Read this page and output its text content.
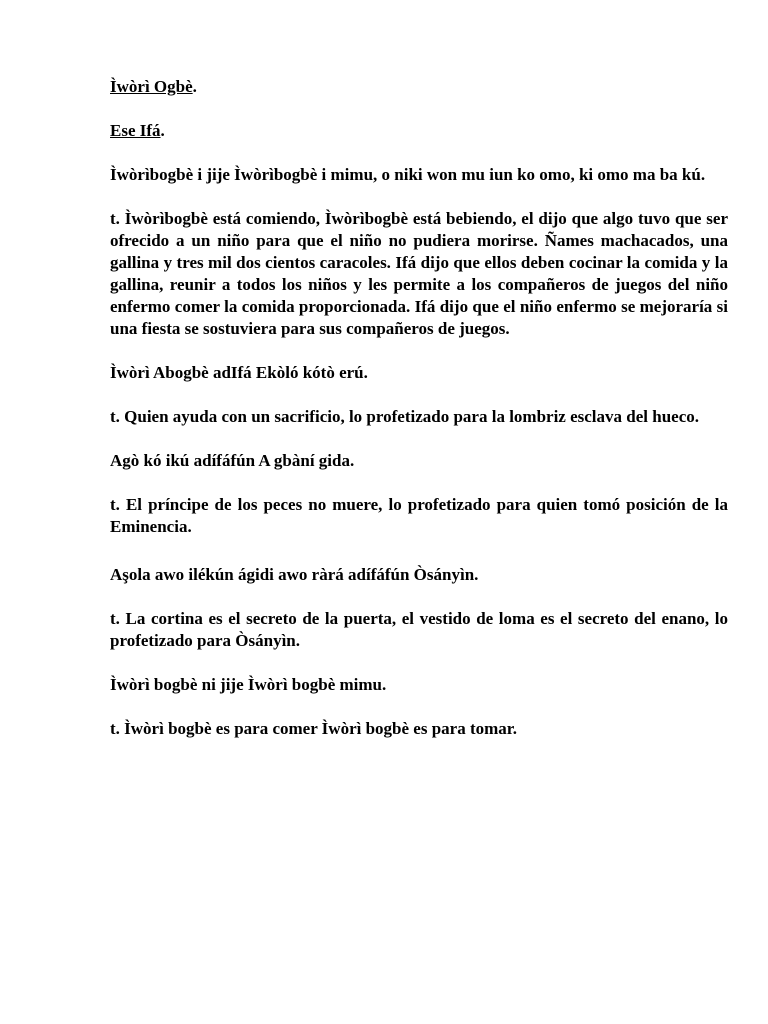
Ìwòrì Ogbè.

Ese Ifá.

Ìwòrìbogbè i jije Ìwòrìbogbè i mimu, o niki won mu iun ko omo, ki omo ma ba kú.

t. Ìwòrìbogbè está comiendo, Ìwòrìbogbè está bebiendo, el dijo que algo tuvo que ser ofrecido a un niño para que el niño no pudiera morirse. Ñames machacados, una gallina y tres mil dos cientos caracoles. Ifá dijo que ellos deben cocinar la comida y la gallina, reunir a todos los niños y les permite a los compañeros de juegos del niño enfermo comer la comida proporcionada. Ifá dijo que el niño enfermo se mejoraría si una fiesta se sostuviera para sus compañeros de juegos.

Ìwòrì Abogbè adIfá Ekòló kótò erú.

t. Quien ayuda con un sacrificio, lo profetizado para la lombriz esclava del hueco.

Agò kó ikú adífáfún A gbàní gida.

t. El príncipe de los peces no muere, lo profetizado para quien tomó posición de la Eminencia.

Aşola awo ilékún ágidi awo ràrá adífáfún Òsányìn.

t. La cortina es el secreto de la puerta, el vestido de loma es el secreto del enano, lo profetizado para Òsányìn.

Ìwòrì bogbè ni jije Ìwòrì bogbè mimu.

t. Ìwòrì bogbè es para comer Ìwòrì bogbè es para tomar.
